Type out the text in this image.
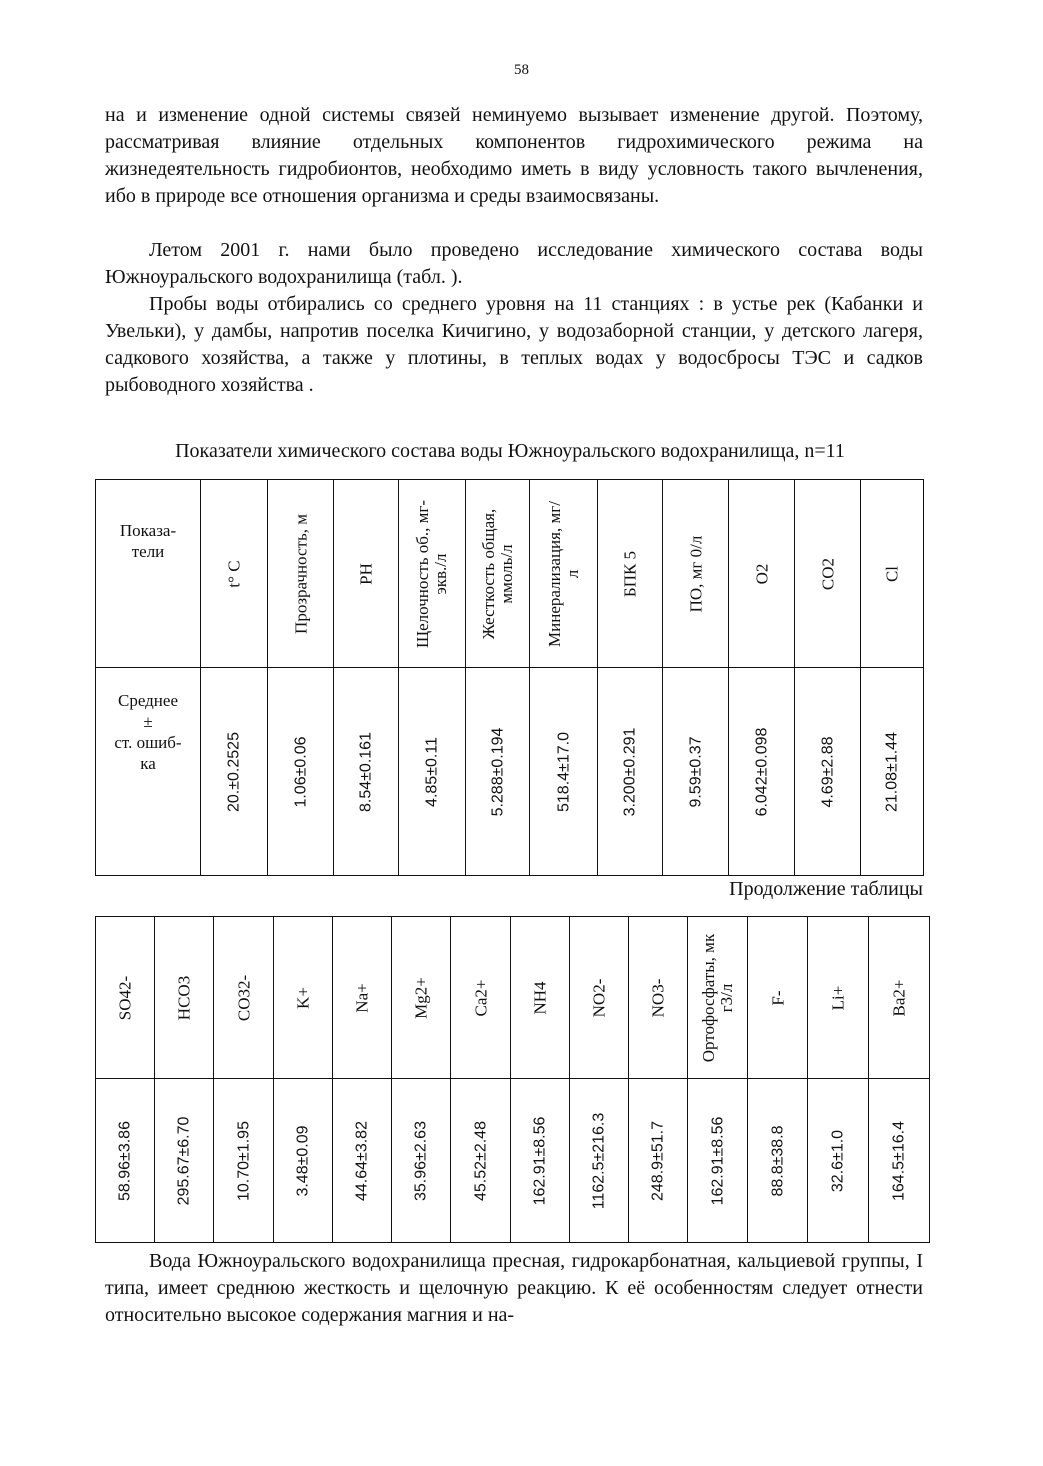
58

на и изменение одной системы связей неминуемо вызывает изменение другой. Поэтому, рассматривая влияние отдельных компонентов гидрохимического режима на жизнедеятельность гидробионтов, необходимо иметь в виду условность такого вычленения, ибо в природе все отношения организма и среды взаимосвязаны.

Летом 2001 г. нами было проведено исследование химического состава воды Южноуральского водохранилища (табл. ).

Пробы воды отбирались со среднего уровня на 11 станциях : в устье рек (Кабанки и Увельки), у дамбы, напротив поселка Кичигино, у водозаборной станции, у детского лагеря, садкового хозяйства, а также у плотины, в теплых водах у водосбросы ТЭС и садков рыбоводного хозяйства .

Показатели химического состава воды Южноуральского водохранилища, n=11
Показа-
тели	t° C	Прозрачность, м	PH	Щелочность об., мг-экв./л	Жесткость общая, ммоль/л	Минерализация, мг/л	БПК 5	ПО, мг 0/л	O2	CO2	Cl

Среднее
±
ст. ошиб-
ка	20.±0.2525	1.06±0.06	8.54±0.161	4.85±0.11	5.288±0.194	518.4±17.0	3.200±0.291	9.59±0.37	6.042±0.098	4.69±2.88	21.08±1.44
Продолжение таблицы
SO42-	HCO3	CO32-	K+	Na+	Mg2+	Ca2+	NH4	NO2-	NO3-	Ортофосфаты, мк г3/л	F-	Li+	Ba2+

58.96±3.86	295.67±6.70	10.70±1.95	3.48±0.09	44.64±3.82	35.96±2.63	45.52±2.48	162.91±8.56	1162.5±216.3	248.9±51.7	162.91±8.56	88.8±38.8	32.6±1.0	164.5±16.4

Вода Южноуральского водохранилища пресная, гидрокарбонатная, кальциевой группы, I типа, имеет среднюю жесткость и щелочную реакцию. К её особенностям следует отнести относительно высокое содержания магния и на-
